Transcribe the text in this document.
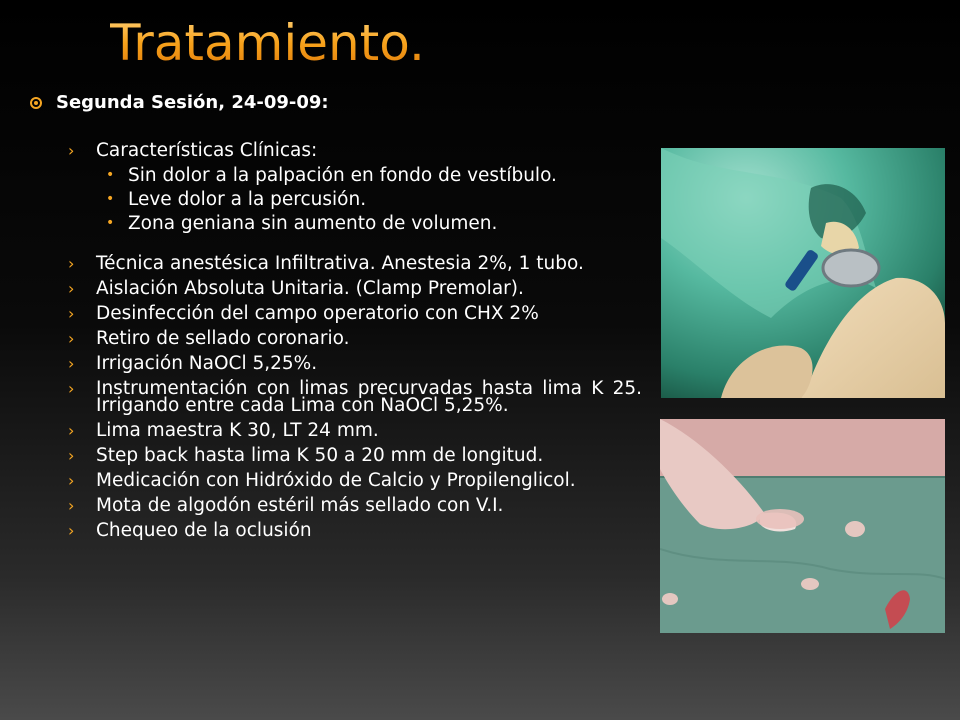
Tratamiento.
Segunda Sesión, 24-09-09:
› Características Clínicas:
• Sin dolor a la palpación en fondo de vestíbulo.
• Leve dolor a la percusión.
• Zona geniana sin aumento de volumen.
› Técnica anestésica Infiltrativa. Anestesia 2%, 1 tubo.
› Aislación Absoluta Unitaria. (Clamp Premolar).
› Desinfección del campo operatorio con CHX 2%
› Retiro de sellado coronario.
› Irrigación NaOCl 5,25%.
› Instrumentación con limas precurvadas hasta lima K 25. Irrigando entre cada Lima con NaOCl 5,25%.
› Lima maestra K 30, LT 24 mm.
› Step back hasta lima K 50 a 20 mm de longitud.
› Medicación con Hidróxido de Calcio y Propilenglicol.
› Mota de algodón estéril más sellado con V.I.
› Chequeo de la oclusión
